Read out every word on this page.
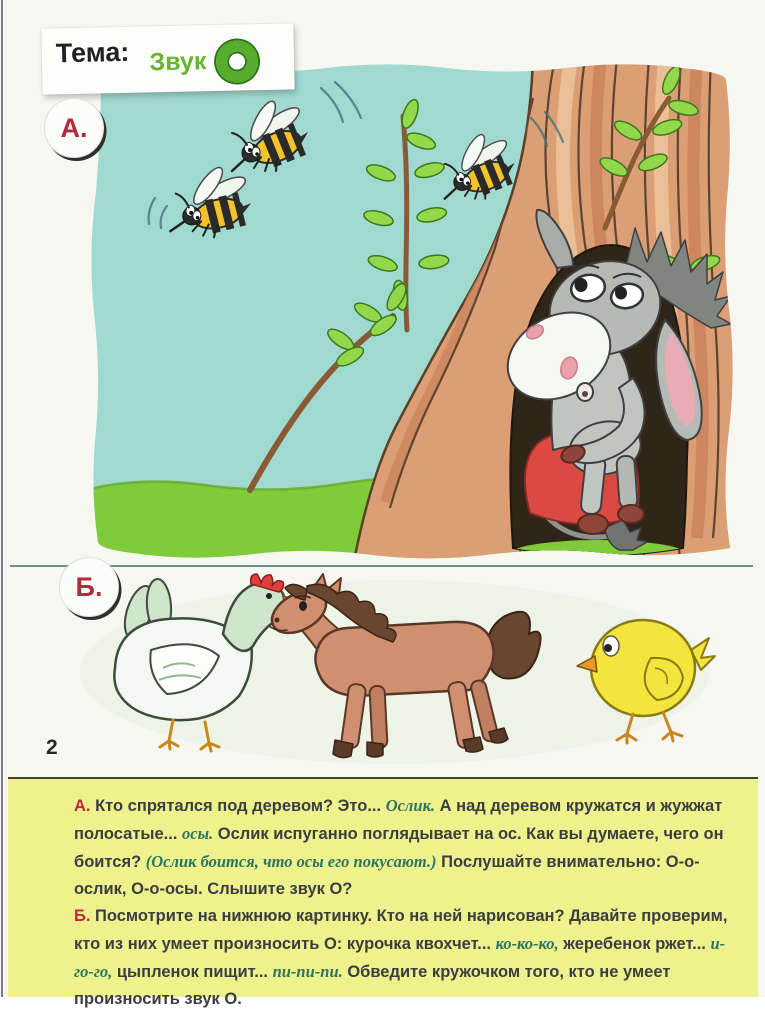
Тема: Звук
А.
Б.
2

А. Кто спрятался под деревом? Это... Ослик. А над деревом кружатся и жужжат полосатые... осы. Ослик испуганно поглядывает на ос. Как вы думаете, чего он боится? (Ослик боится, что осы его покусают.) Послушайте внимательно: О-о-ослик, О-о-осы. Слышите звук О?

Б. Посмотрите на нижнюю картинку. Кто на ней нарисован? Давайте проверим, кто из них умеет произносить О: курочка квохчет... ко-ко-ко, жеребенок ржет... и-го-го, цыпленок пищит... пи-пи-пи. Обведите кружочком того, кто не умеет произносить звук О.
